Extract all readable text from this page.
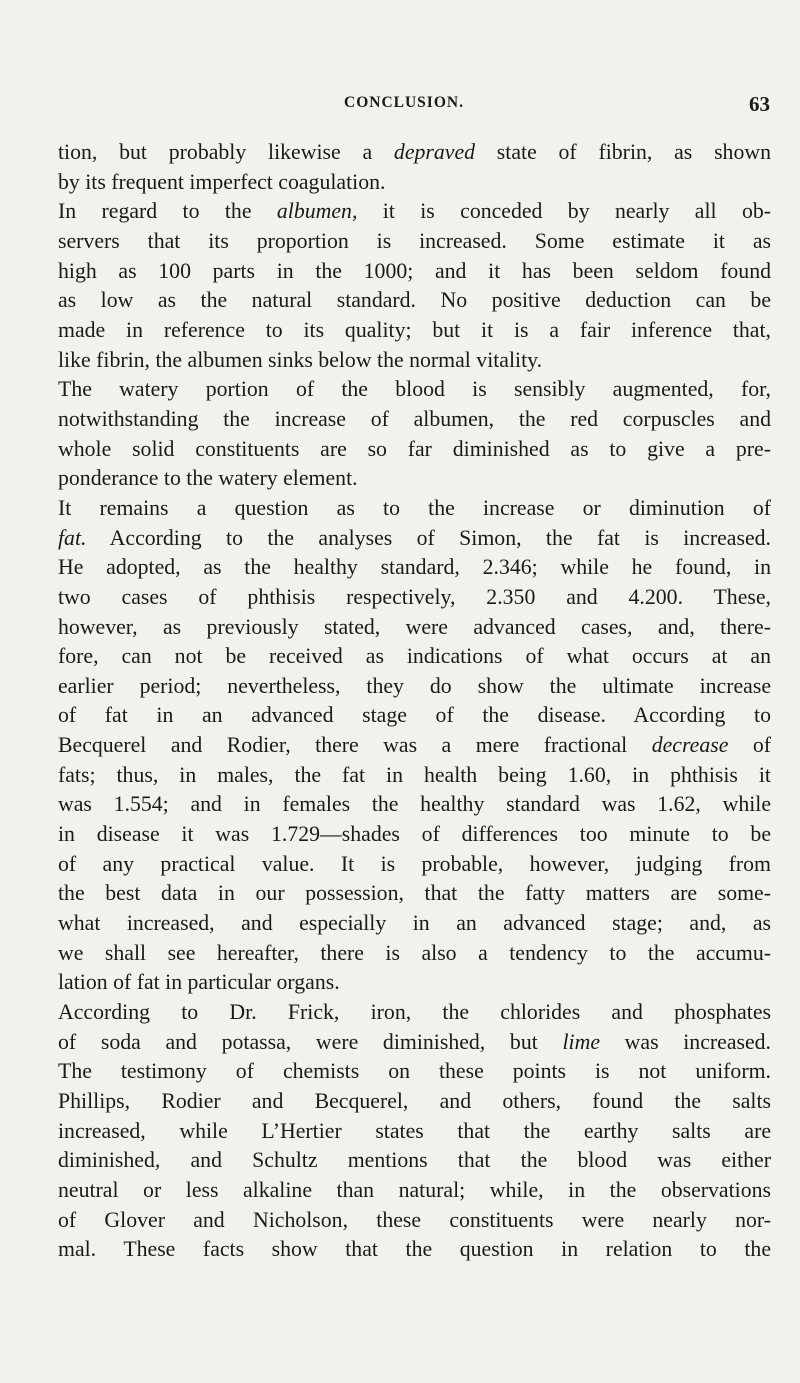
CONCLUSION.	63
tion, but probably likewise a depraved state of fibrin, as shown
by its frequent imperfect coagulation.
In regard to the albumen, it is conceded by nearly all ob-
servers that its proportion is increased. Some estimate it as
high as 100 parts in the 1000; and it has been seldom found
as low as the natural standard. No positive deduction can be
made in reference to its quality; but it is a fair inference that,
like fibrin, the albumen sinks below the normal vitality.
The watery portion of the blood is sensibly augmented, for,
notwithstanding the increase of albumen, the red corpuscles and
whole solid constituents are so far diminished as to give a pre-
ponderance to the watery element.
It remains a question as to the increase or diminution of
fat. According to the analyses of Simon, the fat is increased.
He adopted, as the healthy standard, 2.346; while he found, in
two cases of phthisis respectively, 2.350 and 4.200. These,
however, as previously stated, were advanced cases, and, there-
fore, can not be received as indications of what occurs at an
earlier period; nevertheless, they do show the ultimate increase
of fat in an advanced stage of the disease. According to
Becquerel and Rodier, there was a mere fractional decrease of
fats; thus, in males, the fat in health being 1.60, in phthisis it
was 1.554; and in females the healthy standard was 1.62, while
in disease it was 1.729—shades of differences too minute to be
of any practical value. It is probable, however, judging from
the best data in our possession, that the fatty matters are some-
what increased, and especially in an advanced stage; and, as
we shall see hereafter, there is also a tendency to the accumu-
lation of fat in particular organs.
According to Dr. Frick, iron, the chlorides and phosphates
of soda and potassa, were diminished, but lime was increased.
The testimony of chemists on these points is not uniform.
Phillips, Rodier and Becquerel, and others, found the salts
increased, while L’Hertier states that the earthy salts are
diminished, and Schultz mentions that the blood was either
neutral or less alkaline than natural; while, in the observations
of Glover and Nicholson, these constituents were nearly nor-
mal. These facts show that the question in relation to the
